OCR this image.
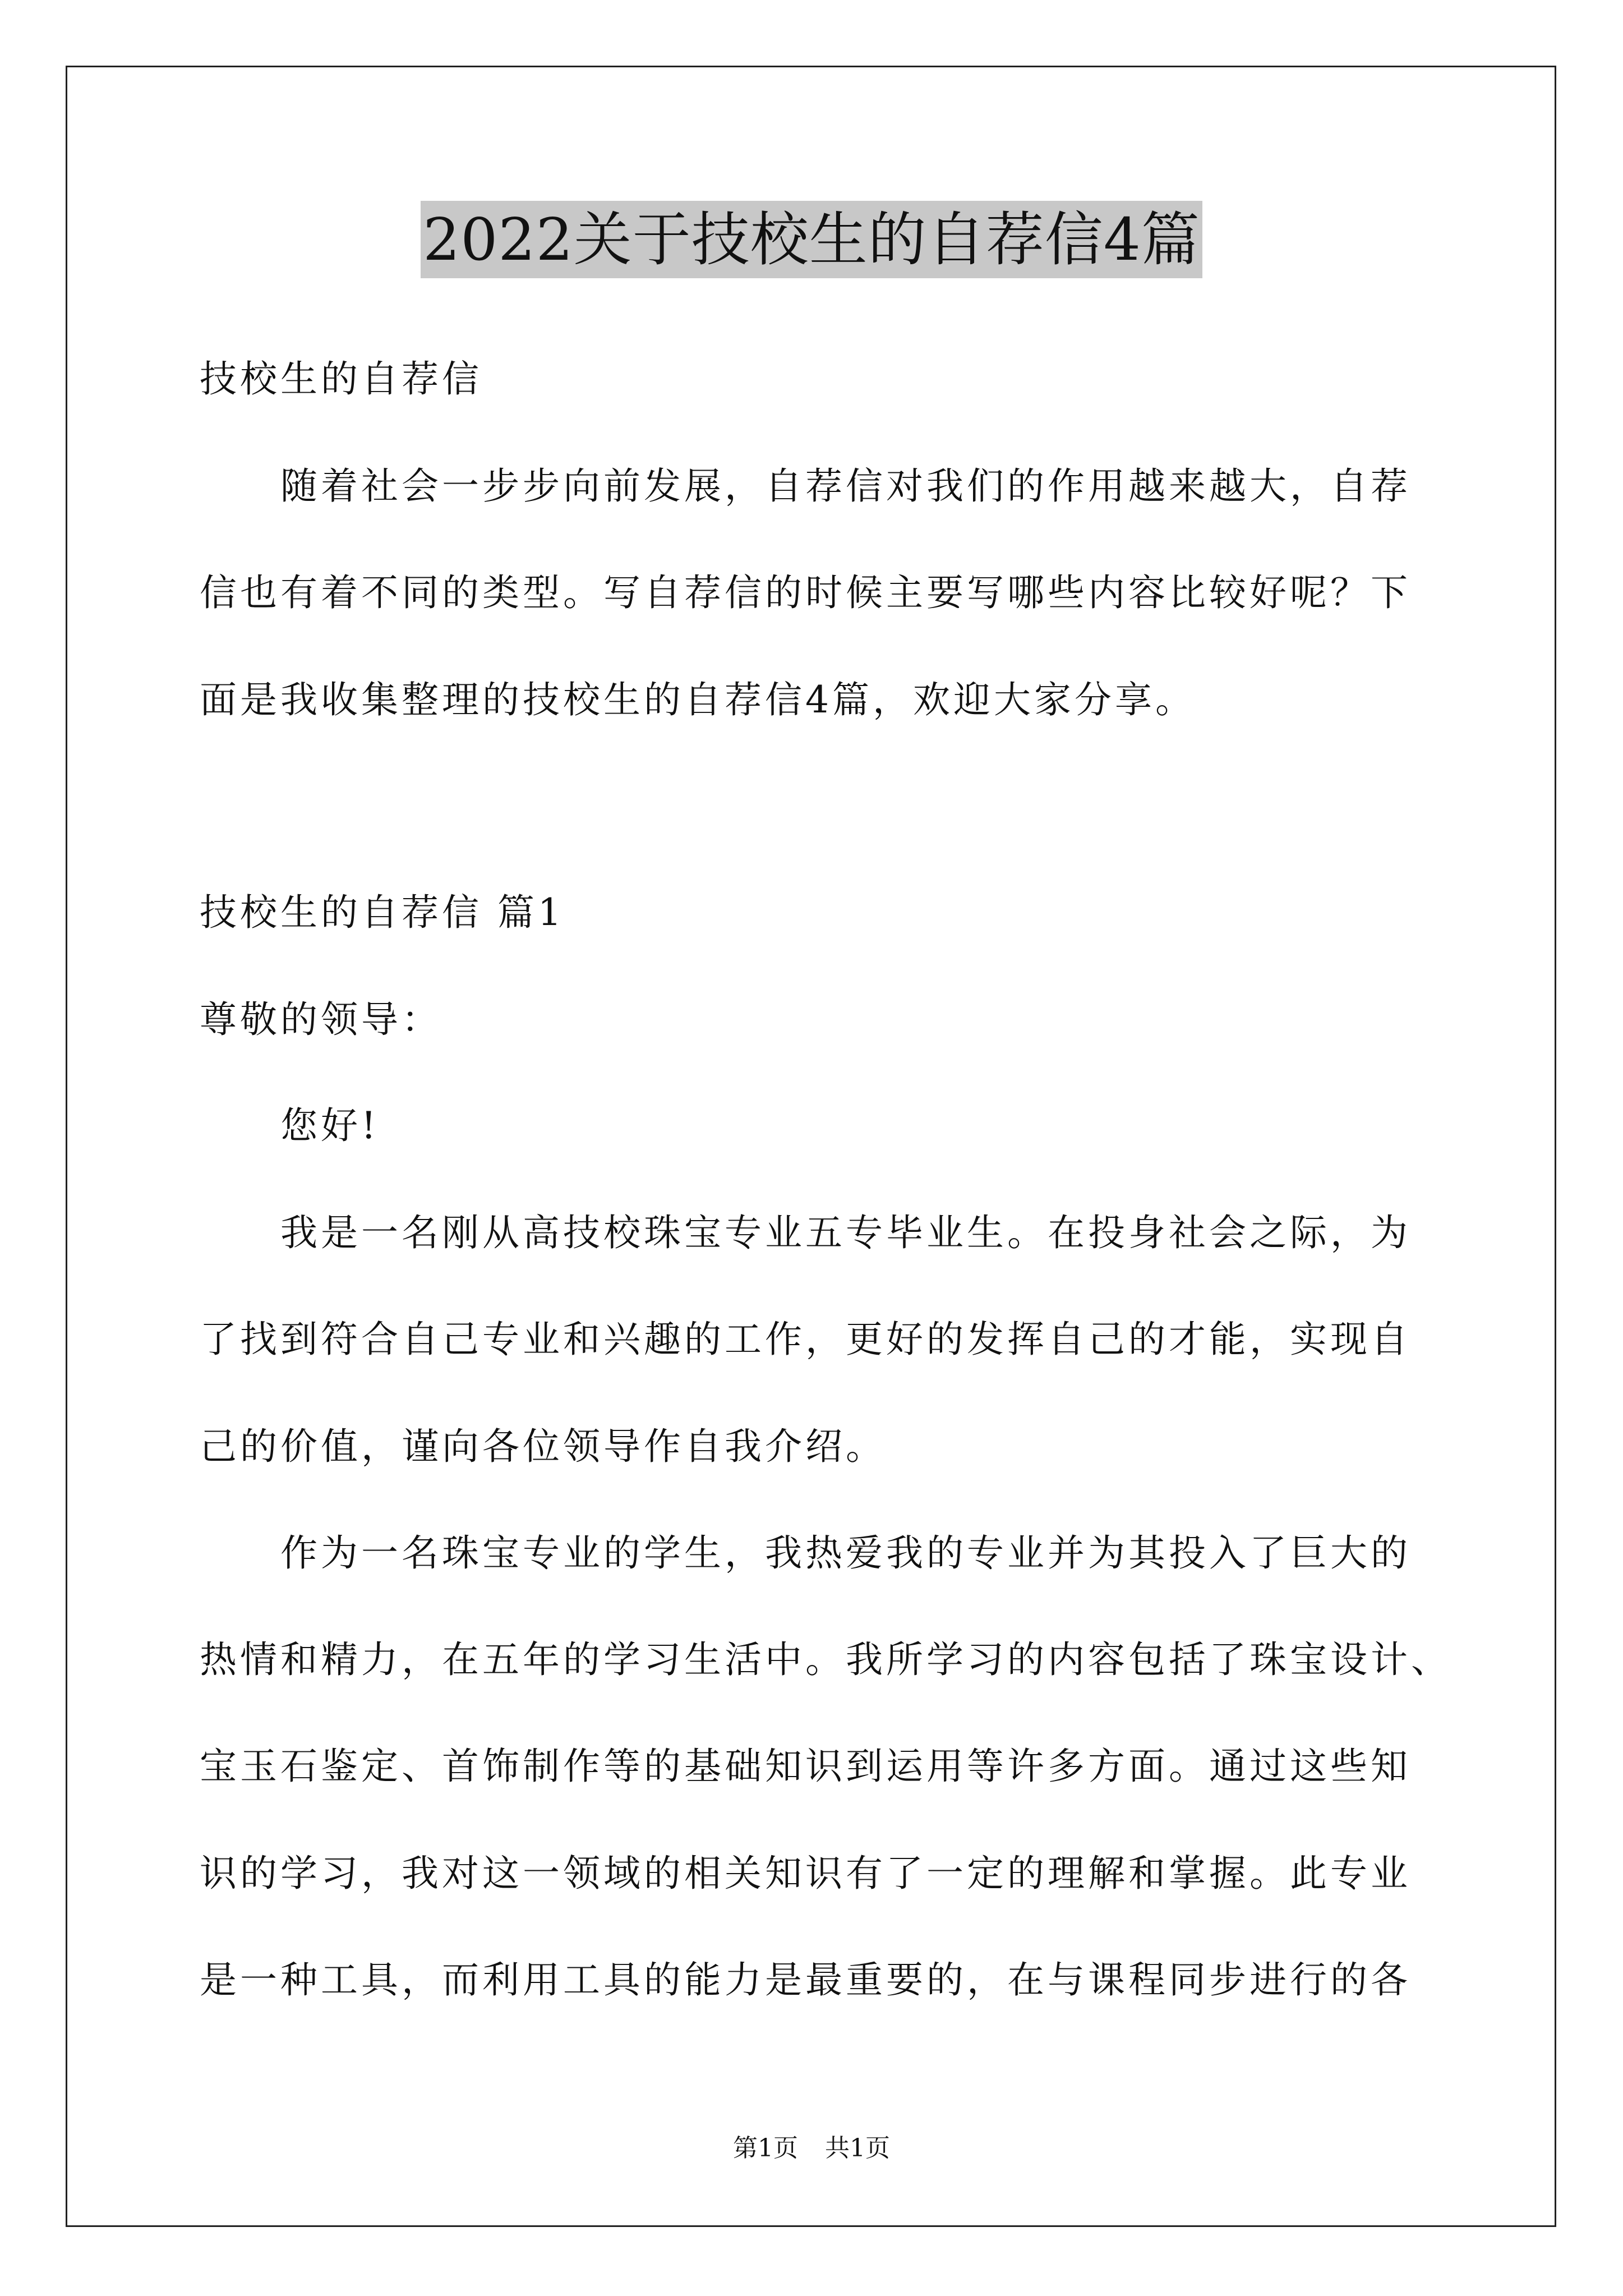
2022关于技校生的自荐信4篇

技校生的自荐信

随着社会一步步向前发展，自荐信对我们的作用越来越大，自荐

信也有着不同的类型。写自荐信的时候主要写哪些内容比较好呢？下

面是我收集整理的技校生的自荐信4篇，欢迎大家分享。

技校生的自荐信 篇1

尊敬的领导：

您好!

我是一名刚从高技校珠宝专业五专毕业生。在投身社会之际，为

了找到符合自己专业和兴趣的工作，更好的发挥自己的才能，实现自

己的价值，谨向各位领导作自我介绍。

作为一名珠宝专业的学生，我热爱我的专业并为其投入了巨大的

热情和精力，在五年的学习生活中。我所学习的内容包括了珠宝设计、

宝玉石鉴定、首饰制作等的基础知识到运用等许多方面。通过这些知

识的学习，我对这一领域的相关知识有了一定的理解和掌握。此专业

是一种工具，而利用工具的能力是最重要的，在与课程同步进行的各

第1页 共1页
